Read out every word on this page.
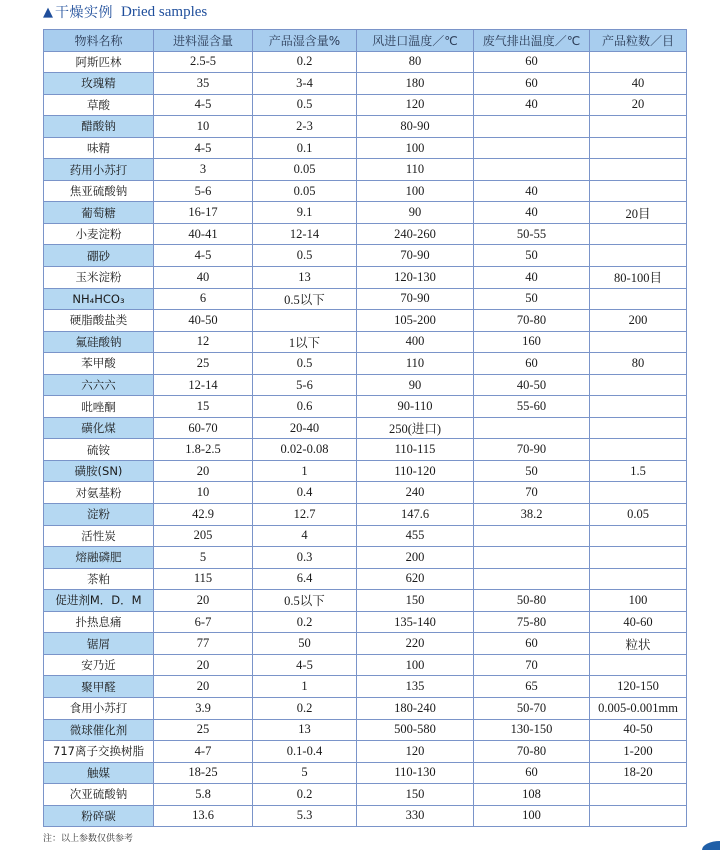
▲ 干燥实例 Dried samples
物料名称	进料湿含量	产品湿含量%	风进口温度／℃	废气排出温度／℃	产品粒数／目
阿斯匹林	2.5-5	0.2	80	60	
玫瑰精	35	3-4	180	60	40
草酸	4-5	0.5	120	40	20
醋酸钠	10	2-3	80-90		
味精	4-5	0.1	100		
药用小苏打	3	0.05	110		
焦亚硫酸钠	5-6	0.05	100	40	
葡萄糖	16-17	9.1	90	40	20目
小麦淀粉	40-41	12-14	240-260	50-55	
硼砂	4-5	0.5	70-90	50	
玉米淀粉	40	13	120-130	40	80-100目
NH₄HCO₃	6	0.5以下	70-90	50	
硬脂酸盐类	40-50		105-200	70-80	200
氟硅酸钠	12	1以下	400	160	
苯甲酸	25	0.5	110	60	80
六六六	12-14	5-6	90	40-50	
吡唑酮	15	0.6	90-110	55-60	
磺化煤	60-70	20-40	250(进口)		
硫铵	1.8-2.5	0.02-0.08	110-115	70-90	
磺胺(SN)	20	1	110-120	50	1.5
对氨基粉	10	0.4	240	70	
淀粉	42.9	12.7	147.6	38.2	0.05
活性炭	205	4	455		
熔融磷肥	5	0.3	200		
茶粕	115	6.4	620		
促进剂M．D．M	20	0.5以下	150	50-80	100
扑热息痛	6-7	0.2	135-140	75-80	40-60
锯屑	77	50	220	60	粒状
安乃近	20	4-5	100	70	
聚甲醛	20	1	135	65	120-150
食用小苏打	3.9	0.2	180-240	50-70	0.005-0.001mm
微球催化剂	25	13	500-580	130-150	40-50
717离子交换树脂	4-7	0.1-0.4	120	70-80	1-200
触媒	18-25	5	110-130	60	18-20
次亚硫酸钠	5.8	0.2	150	108	
粉碎碳	13.6	5.3	330	100	
注：以上参数仅供参考
